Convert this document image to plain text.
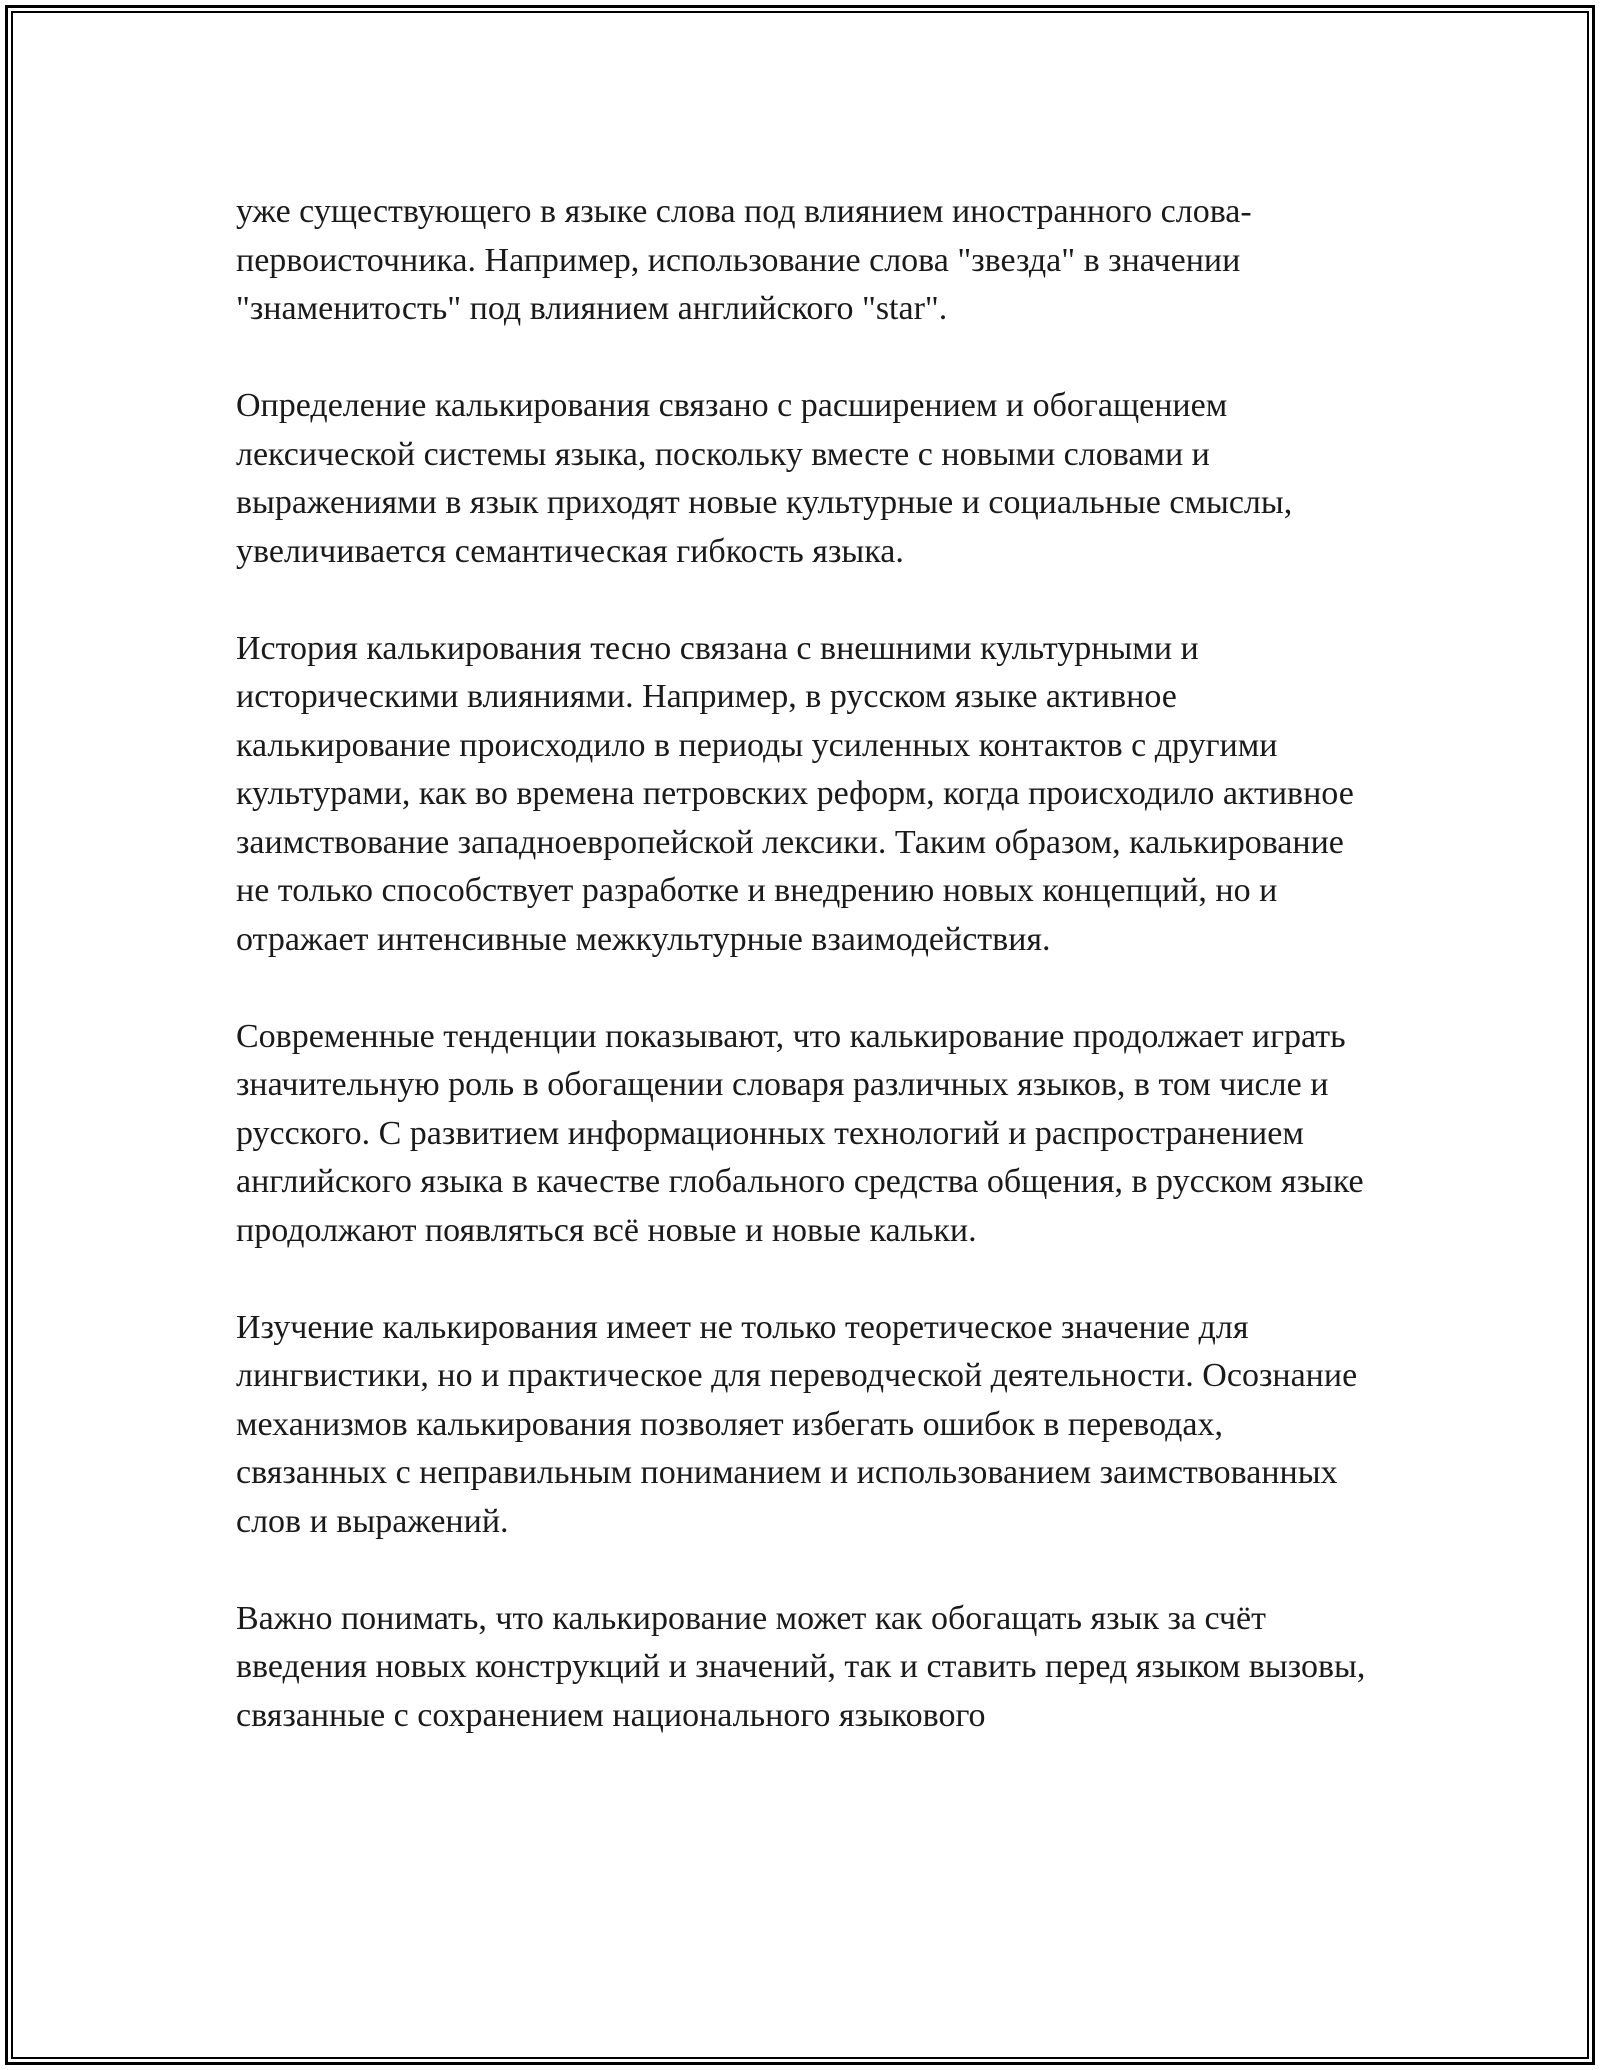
уже существующего в языке слова под влиянием иностранного слова-первоисточника. Например, использование слова "звезда" в значении "знаменитость" под влиянием английского "star".

Определение калькирования связано с расширением и обогащением лексической системы языка, поскольку вместе с новыми словами и выражениями в язык приходят новые культурные и социальные смыслы, увеличивается семантическая гибкость языка.

История калькирования тесно связана с внешними культурными и историческими влияниями. Например, в русском языке активное калькирование происходило в периоды усиленных контактов с другими культурами, как во времена петровских реформ, когда происходило активное заимствование западноевропейской лексики. Таким образом, калькирование не только способствует разработке и внедрению новых концепций, но и отражает интенсивные межкультурные взаимодействия.

Современные тенденции показывают, что калькирование продолжает играть значительную роль в обогащении словаря различных языков, в том числе и русского. С развитием информационных технологий и распространением английского языка в качестве глобального средства общения, в русском языке продолжают появляться всё новые и новые кальки.

Изучение калькирования имеет не только теоретическое значение для лингвистики, но и практическое для переводческой деятельности. Осознание механизмов калькирования позволяет избегать ошибок в переводах, связанных с неправильным пониманием и использованием заимствованных слов и выражений.

Важно понимать, что калькирование может как обогащать язык за счёт введения новых конструкций и значений, так и ставить перед языком вызовы, связанные с сохранением национального языкового
